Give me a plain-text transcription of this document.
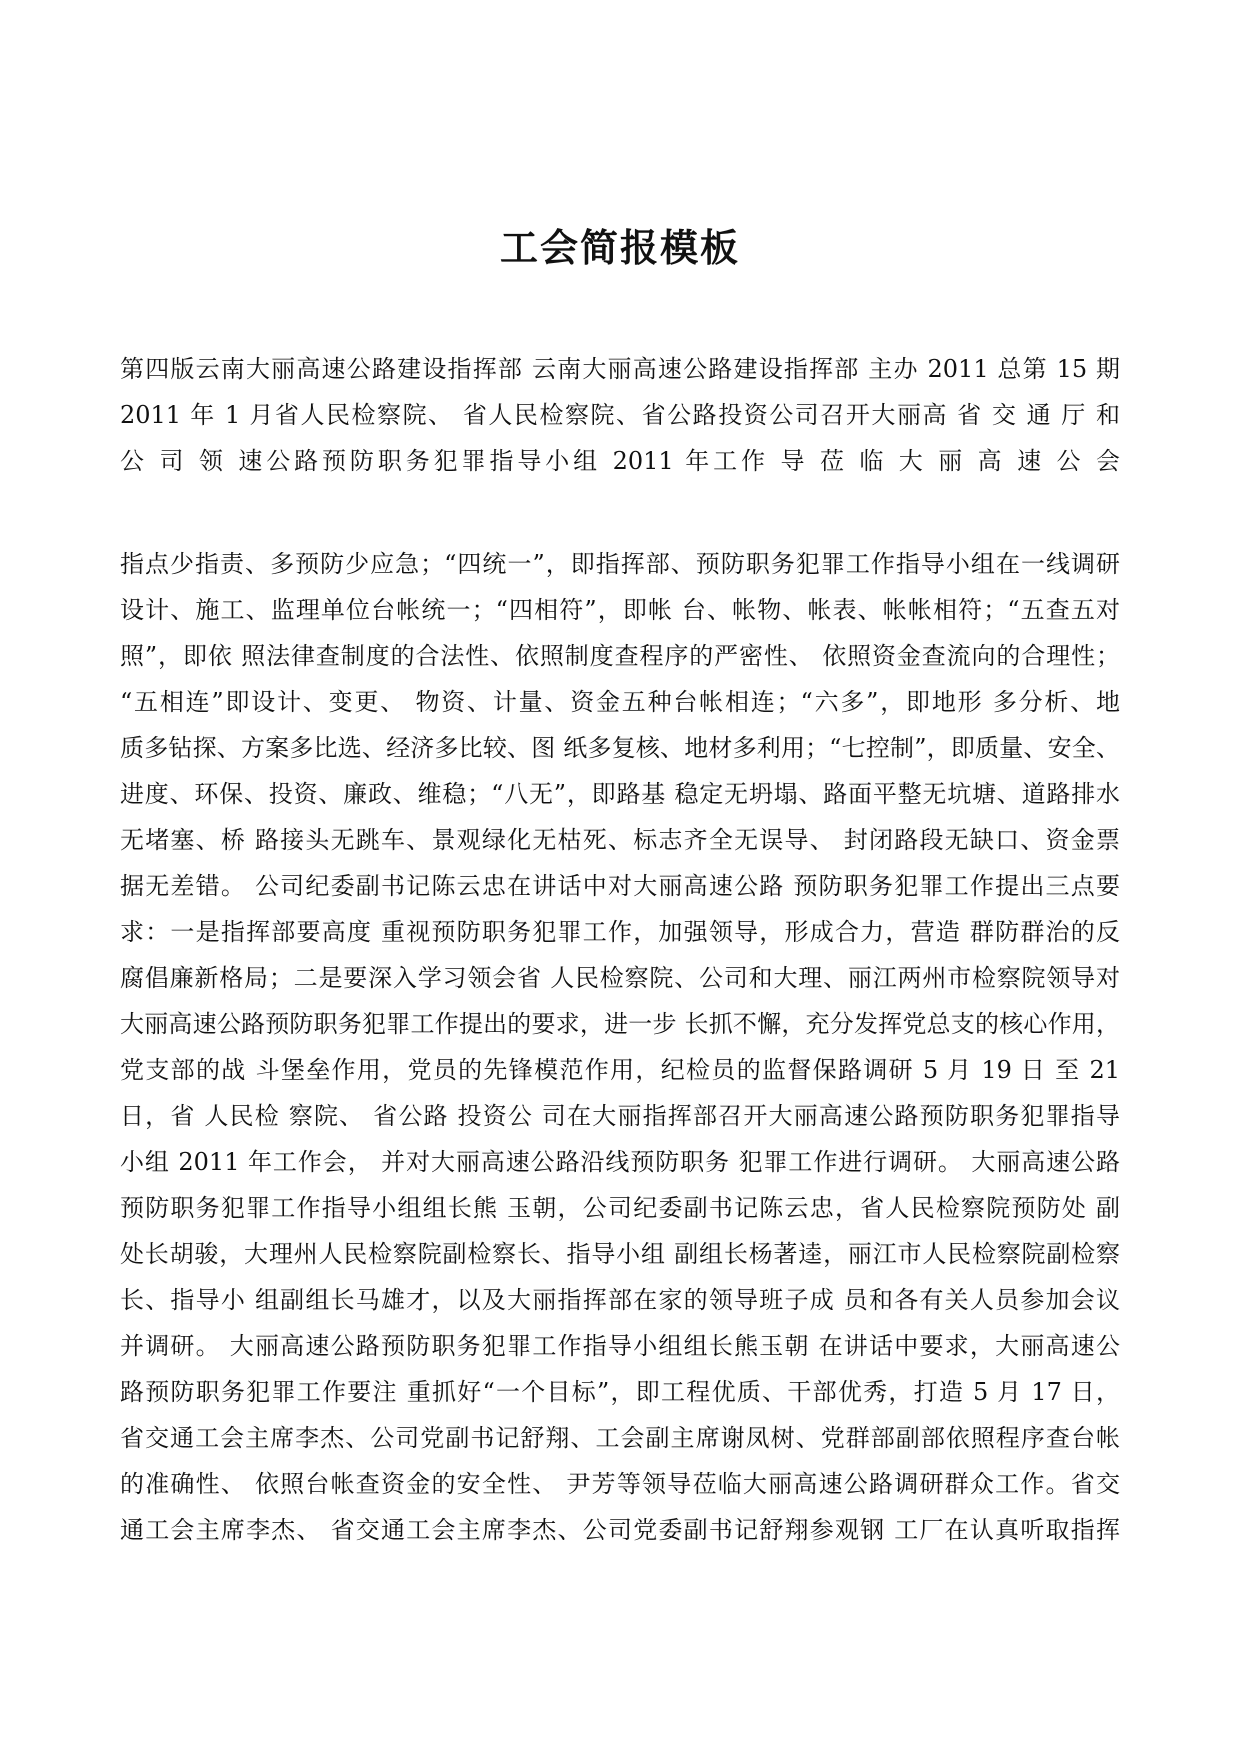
工会简报模板
第四版云南大丽高速公路建设指挥部 云南大丽高速公路建设指挥部 主办 2011 总第 15 期
2011 年 1 月省人民检察院、 省人民检察院、省公路投资公司召开大丽高 省 交 通 厅 和
公 司 领 速公路预防职务犯罪指导小组 2011 年工作 导 莅 临 大 丽 高 速 公 会
指点少指责、多预防少应急；“四统一”，即指挥部、预防职务犯罪工作指导小组在一线调研
设计、施工、监理单位台帐统一；“四相符”，即帐 台、帐物、帐表、帐帐相符；“五查五对
照”，即依 照法律查制度的合法性、依照制度查程序的严密性、 依照资金查流向的合理性；
“五相连”即设计、变更、 物资、计量、资金五种台帐相连；“六多”，即地形 多分析、地
质多钻探、方案多比选、经济多比较、图 纸多复核、地材多利用；“七控制”，即质量、安全、
进度、环保、投资、廉政、维稳；“八无”，即路基 稳定无坍塌、路面平整无坑塘、道路排水
无堵塞、桥 路接头无跳车、景观绿化无枯死、标志齐全无误导、 封闭路段无缺口、资金票
据无差错。 公司纪委副书记陈云忠在讲话中对大丽高速公路 预防职务犯罪工作提出三点要
求：一是指挥部要高度 重视预防职务犯罪工作，加强领导，形成合力，营造 群防群治的反
腐倡廉新格局；二是要深入学习领会省 人民检察院、公司和大理、丽江两州市检察院领导对
大丽高速公路预防职务犯罪工作提出的要求，进一步 长抓不懈，充分发挥党总支的核心作用，
党支部的战 斗堡垒作用，党员的先锋模范作用，纪检员的监督保路调研 5 月 19 日 至 21
日，省 人民检 察院、 省公路 投资公 司在大丽指挥部召开大丽高速公路预防职务犯罪指导
小组 2011 年工作会， 并对大丽高速公路沿线预防职务 犯罪工作进行调研。 大丽高速公路
预防职务犯罪工作指导小组组长熊 玉朝，公司纪委副书记陈云忠，省人民检察院预防处 副
处长胡骏，大理州人民检察院副检察长、指导小组 副组长杨著逵，丽江市人民检察院副检察
长、指导小 组副组长马雄才，以及大丽指挥部在家的领导班子成 员和各有关人员参加会议
并调研。 大丽高速公路预防职务犯罪工作指导小组组长熊玉朝 在讲话中要求，大丽高速公
路预防职务犯罪工作要注 重抓好“一个目标”，即工程优质、干部优秀，打造 5 月 17 日，
省交通工会主席李杰、公司党副书记舒翔、工会副主席谢凤树、党群部副部依照程序查台帐
的准确性、 依照台帐查资金的安全性、 尹芳等领导莅临大丽高速公路调研群众工作。省交
通工会主席李杰、 省交通工会主席李杰、公司党委副书记舒翔参观钢 工厂在认真听取指挥
